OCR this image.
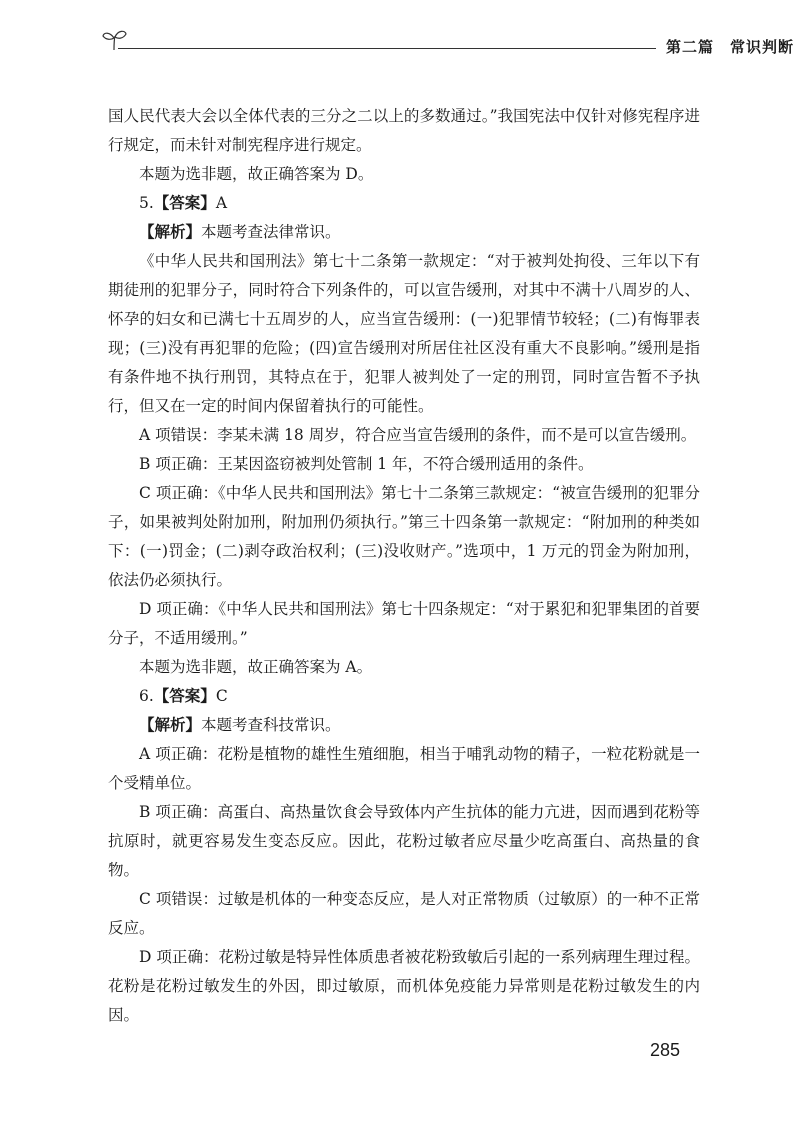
第二篇　常识判断

国人民代表大会以全体代表的三分之二以上的多数通过。”我国宪法中仅针对修宪程序进行规定，而未针对制宪程序进行规定。

本题为选非题，故正确答案为 D。

5.【答案】A

【解析】本题考查法律常识。

《中华人民共和国刑法》第七十二条第一款规定：“对于被判处拘役、三年以下有期徒刑的犯罪分子，同时符合下列条件的，可以宣告缓刑，对其中不满十八周岁的人、怀孕的妇女和已满七十五周岁的人，应当宣告缓刑：(一)犯罪情节较轻；(二)有悔罪表现；(三)没有再犯罪的危险；(四)宣告缓刑对所居住社区没有重大不良影响。”缓刑是指有条件地不执行刑罚，其特点在于，犯罪人被判处了一定的刑罚，同时宣告暂不予执行，但又在一定的时间内保留着执行的可能性。

A 项错误：李某未满 18 周岁，符合应当宣告缓刑的条件，而不是可以宣告缓刑。

B 项正确：王某因盗窃被判处管制 1 年，不符合缓刑适用的条件。

C 项正确：《中华人民共和国刑法》第七十二条第三款规定：“被宣告缓刑的犯罪分子，如果被判处附加刑，附加刑仍须执行。”第三十四条第一款规定：“附加刑的种类如下：(一)罚金；(二)剥夺政治权利；(三)没收财产。”选项中，1 万元的罚金为附加刑，依法仍必须执行。

D 项正确：《中华人民共和国刑法》第七十四条规定：“对于累犯和犯罪集团的首要分子，不适用缓刑。”

本题为选非题，故正确答案为 A。

6.【答案】C

【解析】本题考查科技常识。

A 项正确：花粉是植物的雄性生殖细胞，相当于哺乳动物的精子，一粒花粉就是一个受精单位。

B 项正确：高蛋白、高热量饮食会导致体内产生抗体的能力亢进，因而遇到花粉等抗原时，就更容易发生变态反应。因此，花粉过敏者应尽量少吃高蛋白、高热量的食物。

C 项错误：过敏是机体的一种变态反应，是人对正常物质（过敏原）的一种不正常反应。

D 项正确：花粉过敏是特异性体质患者被花粉致敏后引起的一系列病理生理过程。花粉是花粉过敏发生的外因，即过敏原，而机体免疫能力异常则是花粉过敏发生的内因。

285
